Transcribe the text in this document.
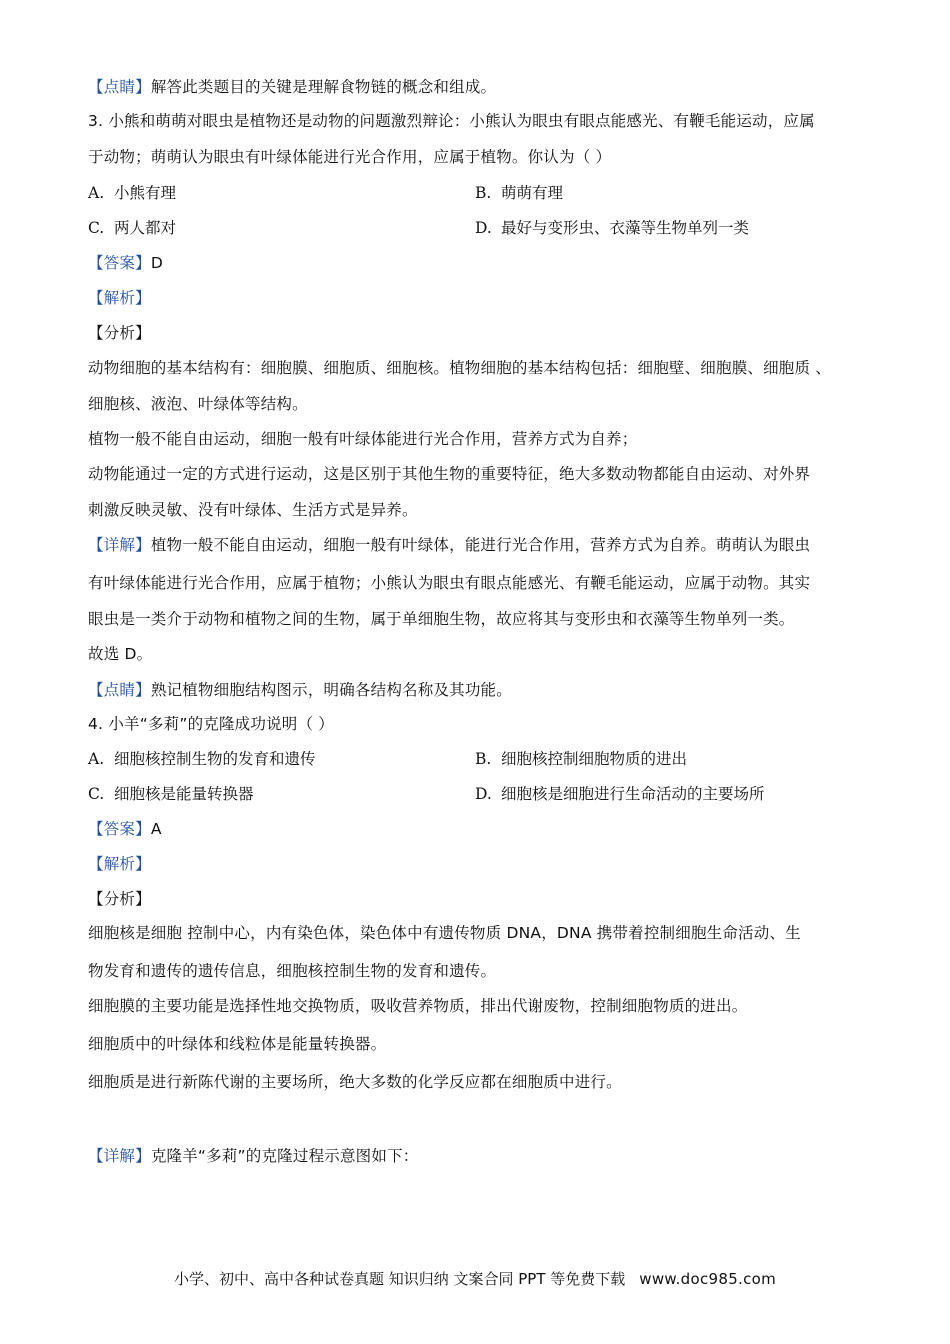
【点睛】解答此类题目的关键是理解食物链的概念和组成。
3. 小熊和萌萌对眼虫是植物还是动物的问题激烈辩论：小熊认为眼虫有眼点能感光、有鞭毛能运动，应属
于动物；萌萌认为眼虫有叶绿体能进行光合作用，应属于植物。你认为（ ）
A. 小熊有理	B. 萌萌有理
C. 两人都对	D. 最好与变形虫、衣藻等生物单列一类
【答案】D
【解析】
【分析】
动物细胞的基本结构有：细胞膜、细胞质、细胞核。植物细胞的基本结构包括：细胞壁、细胞膜、细胞质 、
细胞核、液泡、叶绿体等结构。
植物一般不能自由运动，细胞一般有叶绿体能进行光合作用，营养方式为自养；
动物能通过一定的方式进行运动，这是区别于其他生物的重要特征，绝大多数动物都能自由运动、对外界
刺激反映灵敏、没有叶绿体、生活方式是异养。
【详解】植物一般不能自由运动，细胞一般有叶绿体，能进行光合作用，营养方式为自养。萌萌认为眼虫
有叶绿体能进行光合作用，应属于植物；小熊认为眼虫有眼点能感光、有鞭毛能运动，应属于动物。其实
眼虫是一类介于动物和植物之间的生物，属于单细胞生物，故应将其与变形虫和衣藻等生物单列一类。
故选 D。
【点睛】熟记植物细胞结构图示，明确各结构名称及其功能。
4. 小羊“多莉”的克隆成功说明（ ）
A. 细胞核控制生物的发育和遗传	B. 细胞核控制细胞物质的进出
C. 细胞核是能量转换器	D. 细胞核是细胞进行生命活动的主要场所
【答案】A
【解析】
【分析】
细胞核是细胞 控制中心，内有染色体，染色体中有遗传物质 DNA，DNA 携带着控制细胞生命活动、生
物发育和遗传的遗传信息，细胞核控制生物的发育和遗传。
细胞膜的主要功能是选择性地交换物质，吸收营养物质，排出代谢废物，控制细胞物质的进出。
细胞质中的叶绿体和线粒体是能量转换器。
细胞质是进行新陈代谢的主要场所，绝大多数的化学反应都在细胞质中进行。
【详解】克隆羊“多莉”的克隆过程示意图如下：
小学、初中、高中各种试卷真题 知识归纳 文案合同 PPT 等免费下载 www.doc985.com
